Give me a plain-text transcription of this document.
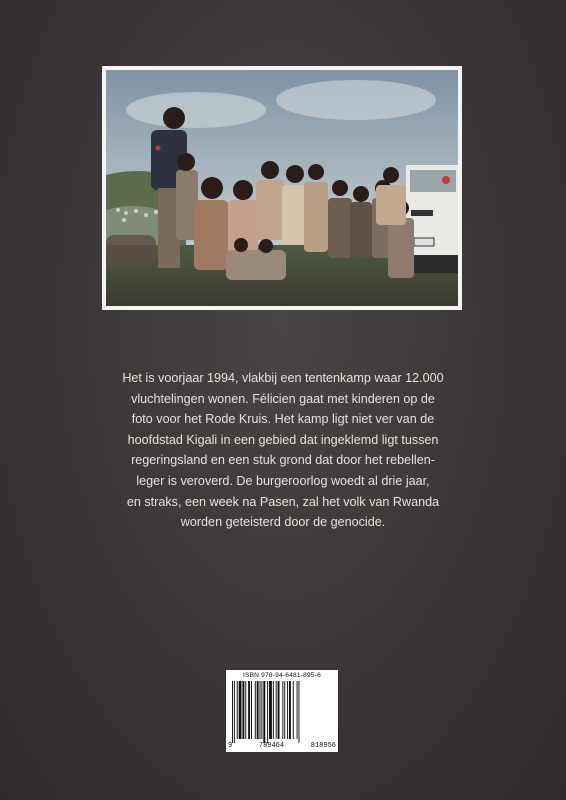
Het is voorjaar 1994, vlakbij een tentenkamp waar 12.000
vluchtelingen wonen. Félicien gaat met kinderen op de
foto voor het Rode Kruis. Het kamp ligt niet ver van de
hoofdstad Kigali in een gebied dat ingeklemd ligt tussen
regeringsland en een stuk grond dat door het rebellen-
leger is veroverd. De burgeroorlog woedt al drie jaar,
en straks, een week na Pasen, zal het volk van Rwanda
worden geteisterd door de genocide.
ISBN 978-94-6481-895-6
9	789464	818956
